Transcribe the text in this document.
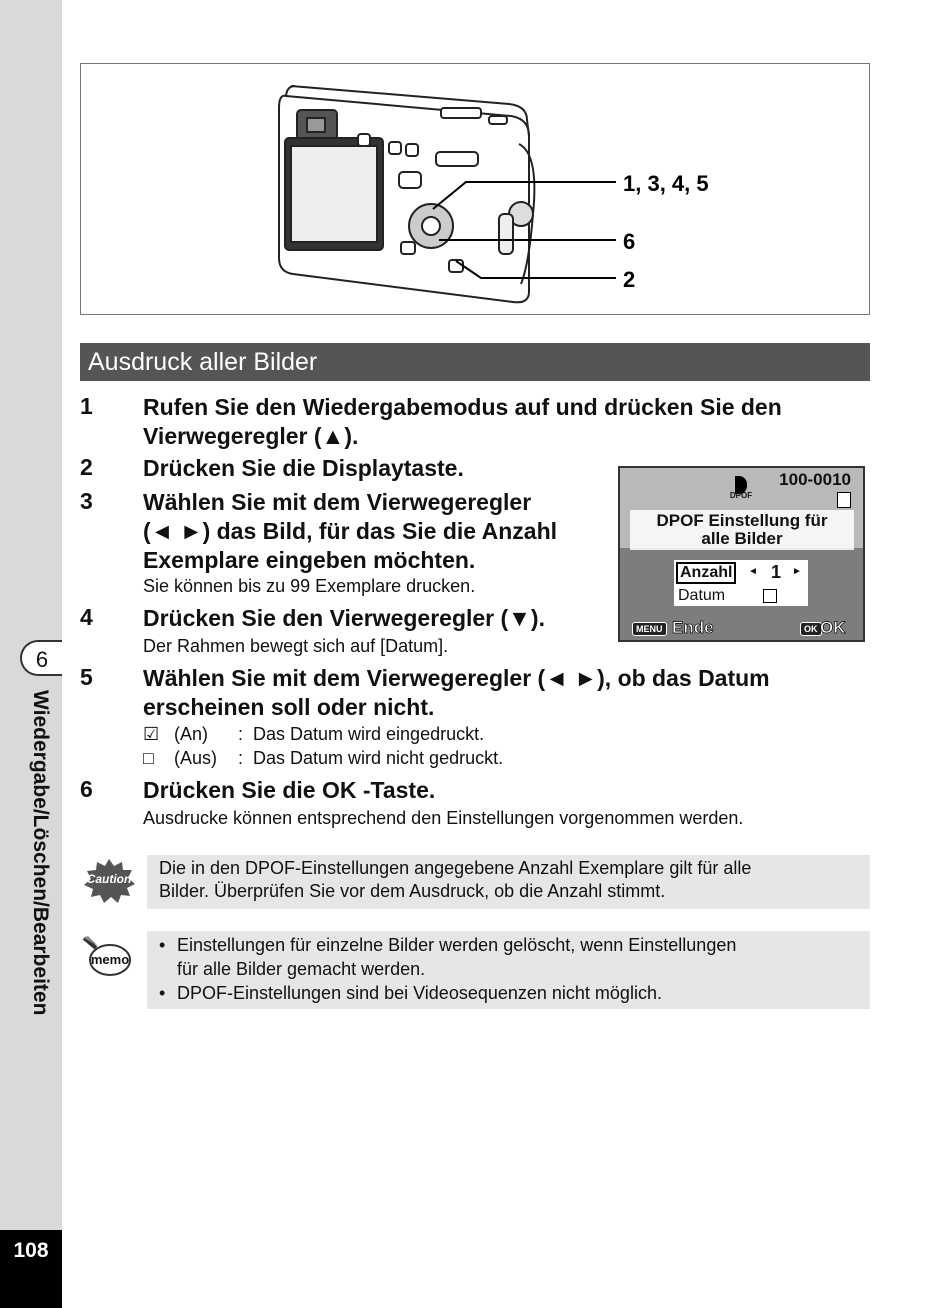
6
Wiedergabe/Löschen/Bearbeiten
108
1, 3, 4, 5
6
2
Ausdruck aller Bilder
1 Rufen Sie den Wiedergabemodus auf und drücken Sie den
Vierwegeregler (▲).
2 Drücken Sie die Displaytaste.
3 Wählen Sie mit dem Vierwegeregler
(◄ ►) das Bild, für das Sie die Anzahl
Exemplare eingeben möchten.
Sie können bis zu 99 Exemplare drucken.
4 Drücken Sie den Vierwegeregler (▼).
Der Rahmen bewegt sich auf [Datum].
5 Wählen Sie mit dem Vierwegeregler (◄ ►), ob das Datum
erscheinen soll oder nicht.
☑ (An) : Das Datum wird eingedruckt.
□ (Aus) : Das Datum wird nicht gedruckt.
6 Drücken Sie die OK -Taste.
Ausdrucke können entsprechend den Einstellungen vorgenommen werden.
DPOF
100-0010
DPOF Einstellung für
alle Bilder
Anzahl	◄ 1 ►
Datum
MENU Ende	OK OK
Caution
Die in den DPOF-Einstellungen angegebene Anzahl Exemplare gilt für alle
Bilder. Überprüfen Sie vor dem Ausdruck, ob die Anzahl stimmt.
memo
• Einstellungen für einzelne Bilder werden gelöscht, wenn Einstellungen
für alle Bilder gemacht werden.
• DPOF-Einstellungen sind bei Videosequenzen nicht möglich.
